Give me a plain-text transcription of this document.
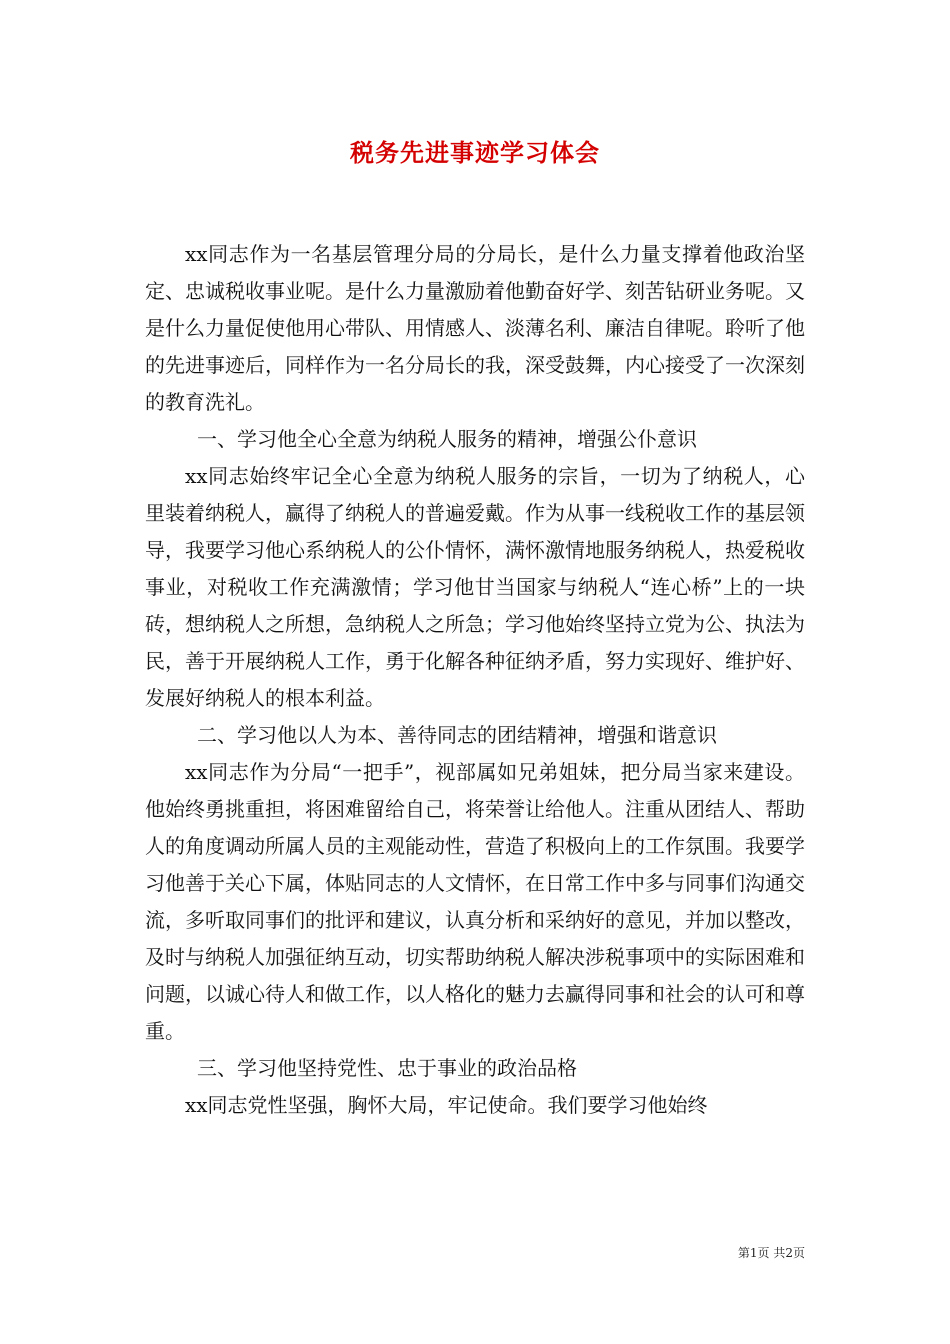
税务先进事迹学习体会

xx同志作为一名基层管理分局的分局长，是什么力量支撑着他政治坚定、忠诚税收事业呢。是什么力量激励着他勤奋好学、刻苦钻研业务呢。又是什么力量促使他用心带队、用情感人、淡薄名利、廉洁自律呢。聆听了他的先进事迹后，同样作为一名分局长的我，深受鼓舞，内心接受了一次深刻的教育洗礼。

一、学习他全心全意为纳税人服务的精神，增强公仆意识

xx同志始终牢记全心全意为纳税人服务的宗旨，一切为了纳税人，心里装着纳税人，赢得了纳税人的普遍爱戴。作为从事一线税收工作的基层领导，我要学习他心系纳税人的公仆情怀，满怀激情地服务纳税人，热爱税收事业，对税收工作充满激情；学习他甘当国家与纳税人“连心桥”上的一块砖，想纳税人之所想，急纳税人之所急；学习他始终坚持立党为公、执法为民，善于开展纳税人工作，勇于化解各种征纳矛盾，努力实现好、维护好、发展好纳税人的根本利益。

二、学习他以人为本、善待同志的团结精神，增强和谐意识

xx同志作为分局“一把手”，视部属如兄弟姐妹，把分局当家来建设。他始终勇挑重担，将困难留给自己，将荣誉让给他人。注重从团结人、帮助人的角度调动所属人员的主观能动性，营造了积极向上的工作氛围。我要学习他善于关心下属，体贴同志的人文情怀，在日常工作中多与同事们沟通交流，多听取同事们的批评和建议，认真分析和采纳好的意见，并加以整改，及时与纳税人加强征纳互动，切实帮助纳税人解决涉税事项中的实际困难和问题，以诚心待人和做工作，以人格化的魅力去赢得同事和社会的认可和尊重。

三、学习他坚持党性、忠于事业的政治品格

xx同志党性坚强，胸怀大局，牢记使命。我们要学习他始终

第1页 共2页
